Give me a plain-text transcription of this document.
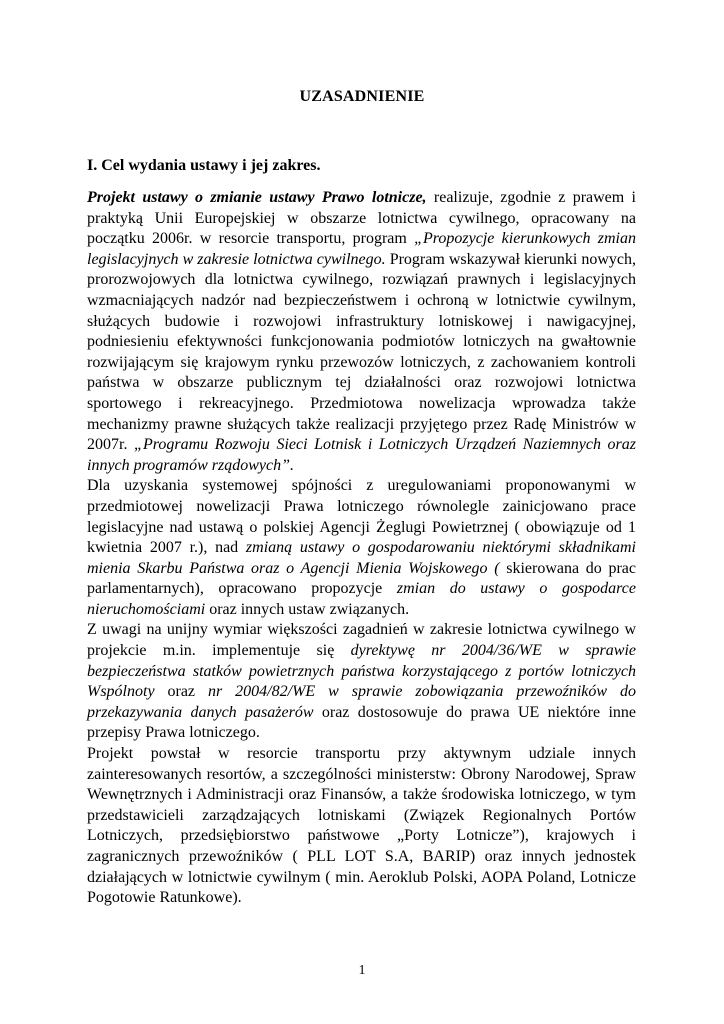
UZASADNIENIE
I. Cel wydania ustawy i jej zakres.

Projekt ustawy o zmianie ustawy Prawo lotnicze, realizuje, zgodnie z prawem i praktyką Unii Europejskiej w obszarze lotnictwa cywilnego, opracowany na początku 2006r. w resorcie transportu, program „Propozycje kierunkowych zmian legislacyjnych w zakresie lotnictwa cywilnego. Program wskazywał kierunki nowych, prorozwojowych dla lotnictwa cywilnego, rozwiązań prawnych i legislacyjnych wzmacniających nadzór nad bezpieczeństwem i ochroną w lotnictwie cywilnym, służących budowie i rozwojowi infrastruktury lotniskowej i nawigacyjnej, podniesieniu efektywności funkcjonowania podmiotów lotniczych na gwałtownie rozwijającym się krajowym rynku przewozów lotniczych, z zachowaniem kontroli państwa w obszarze publicznym tej działalności oraz rozwojowi lotnictwa sportowego i rekreacyjnego. Przedmiotowa nowelizacja wprowadza także mechanizmy prawne służących także realizacji przyjętego przez Radę Ministrów w 2007r. „Programu Rozwoju Sieci Lotnisk i Lotniczych Urządzeń Naziemnych oraz innych programów rządowych”.

Dla uzyskania systemowej spójności z uregulowaniami proponowanymi w przedmiotowej nowelizacji Prawa lotniczego równolegle zainicjowano prace legislacyjne nad ustawą o polskiej Agencji Żeglugi Powietrznej ( obowiązuje od 1 kwietnia 2007 r.), nad zmianą ustawy o gospodarowaniu niektórymi składnikami mienia Skarbu Państwa oraz o Agencji Mienia Wojskowego ( skierowana do prac parlamentarnych), opracowano propozycje zmian do ustawy o gospodarce nieruchomościami oraz innych ustaw związanych.

Z uwagi na unijny wymiar większości zagadnień w zakresie lotnictwa cywilnego w projekcie m.in. implementuje się dyrektywę nr 2004/36/WE w sprawie bezpieczeństwa statków powietrznych państwa korzystającego z portów lotniczych Wspólnoty oraz nr 2004/82/WE w sprawie zobowiązania przewoźników do przekazywania danych pasażerów oraz dostosowuje do prawa UE niektóre inne przepisy Prawa lotniczego.

Projekt powstał w resorcie transportu przy aktywnym udziale innych zainteresowanych resortów, a szczególności ministerstw: Obrony Narodowej, Spraw Wewnętrznych i Administracji oraz Finansów, a także środowiska lotniczego, w tym przedstawicieli zarządzających lotniskami (Związek Regionalnych Portów Lotniczych, przedsiębiorstwo państwowe „Porty Lotnicze”), krajowych i zagranicznych przewoźników ( PLL LOT S.A, BARIP) oraz innych jednostek działających w lotnictwie cywilnym ( min. Aeroklub Polski, AOPA Poland, Lotnicze Pogotowie Ratunkowe).

1
